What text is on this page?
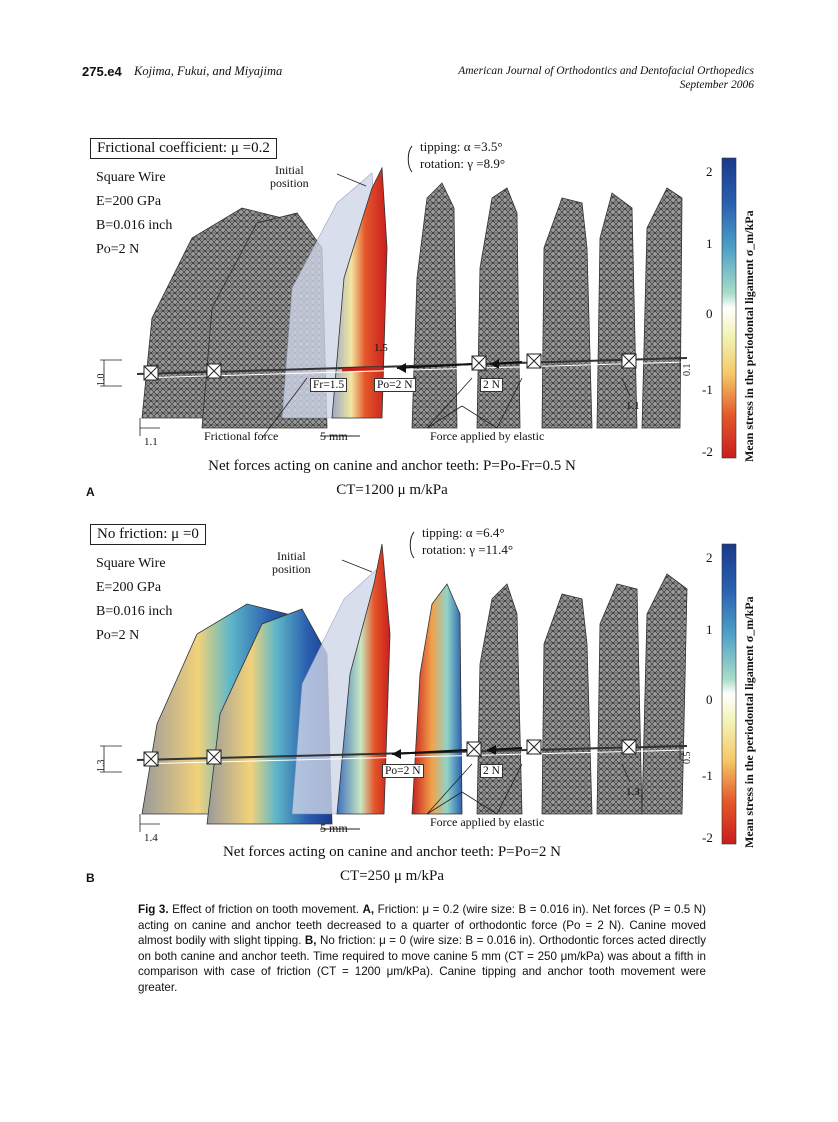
275.e4 Kojima, Fukui, and Miyajima	American Journal of Orthodontics and Dentofacial Orthopedics
September 2006
Frictional coefficient: μ =0.2
Square Wire
E=200 GPa
B=0.016 inch
Po=2 N
Initial
position
tipping: α =3.5°
rotation: γ =8.9°
1.0
1.1
0.1
1.1
1.5
Fr=1.5	Po=2 N	2 N
Frictional force	5 mm	Force applied by elastic
Net forces acting on canine and anchor teeth: P=Po-Fr=0.5 N
CT=1200 μ m/kPa
A
2
1
0
-1
-2 Mean stress in the periodontal ligament σ_m/kPa
No friction: μ =0
Square Wire
E=200 GPa
B=0.016 inch
Po=2 N
Initial
position
tipping: α =6.4°
rotation: γ =11.4°
1.3
1.4
0.5
1.3
Po=2 N	2 N
5 mm	Force applied by elastic
Net forces acting on canine and anchor teeth: P=Po=2 N
CT=250 μ m/kPa
B
2
1
0
-1
-2 Mean stress in the periodontal ligament σ_m/kPa
Fig 3. Effect of friction on tooth movement. A, Friction: μ = 0.2 (wire size: B = 0.016 in). Net forces (P = 0.5 N) acting on canine and anchor teeth decreased to a quarter of orthodontic force (Po = 2 N). Canine moved almost bodily with slight tipping. B, No friction: μ = 0 (wire size: B = 0.016 in). Orthodontic forces acted directly on both canine and anchor teeth. Time required to move canine 5 mm (CT = 250 μm/kPa) was about a fifth in comparison with case of friction (CT = 1200 μm/kPa). Canine tipping and anchor tooth movement were greater.
